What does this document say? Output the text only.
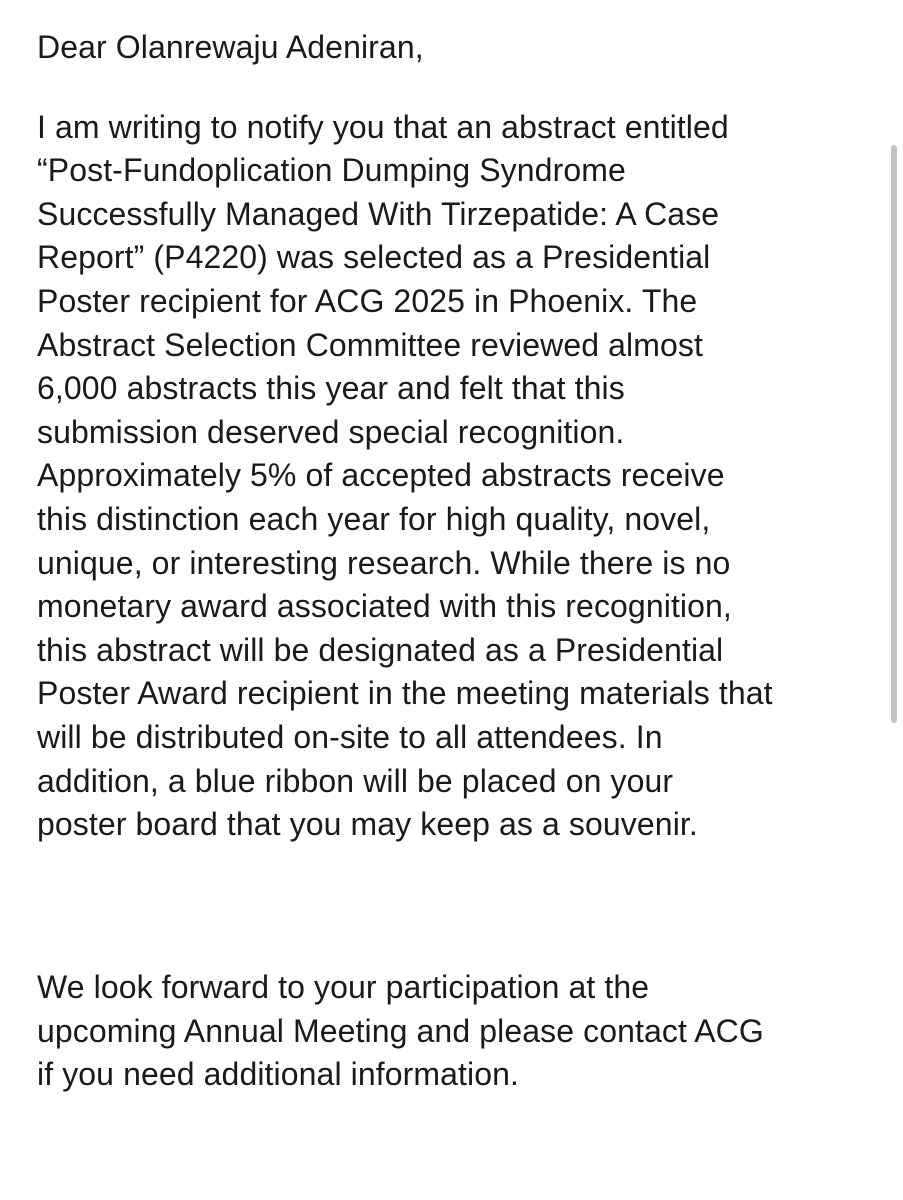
Dear Olanrewaju Adeniran,

I am writing to notify you that an abstract entitled
“Post-Fundoplication Dumping Syndrome
Successfully Managed With Tirzepatide: A Case
Report” (P4220) was selected as a Presidential
Poster recipient for ACG 2025 in Phoenix. The
Abstract Selection Committee reviewed almost
6,000 abstracts this year and felt that this
submission deserved special recognition.
Approximately 5% of accepted abstracts receive
this distinction each year for high quality, novel,
unique, or interesting research. While there is no
monetary award associated with this recognition,
this abstract will be designated as a Presidential
Poster Award recipient in the meeting materials that
will be distributed on-site to all attendees. In
addition, a blue ribbon will be placed on your
poster board that you may keep as a souvenir.

We look forward to your participation at the
upcoming Annual Meeting and please contact ACG
if you need additional information.
